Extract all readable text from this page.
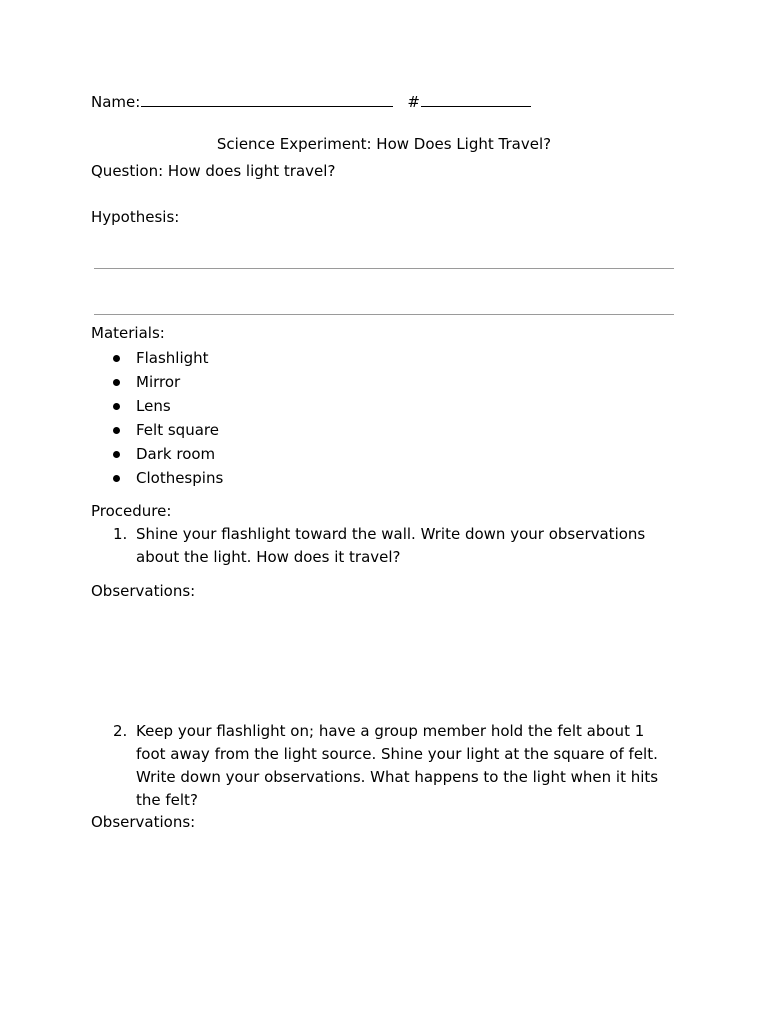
Name:	#
Science Experiment: How Does Light Travel?
Question: How does light travel?
Hypothesis:
Materials:
Flashlight
Mirror
Lens
Felt square
Dark room
Clothespins
Procedure:
1. Shine your flashlight toward the wall. Write down your observations about the light. How does it travel?
Observations:
2. Keep your flashlight on; have a group member hold the felt about 1 foot away from the light source. Shine your light at the square of felt. Write down your observations. What happens to the light when it hits the felt?
Observations:
